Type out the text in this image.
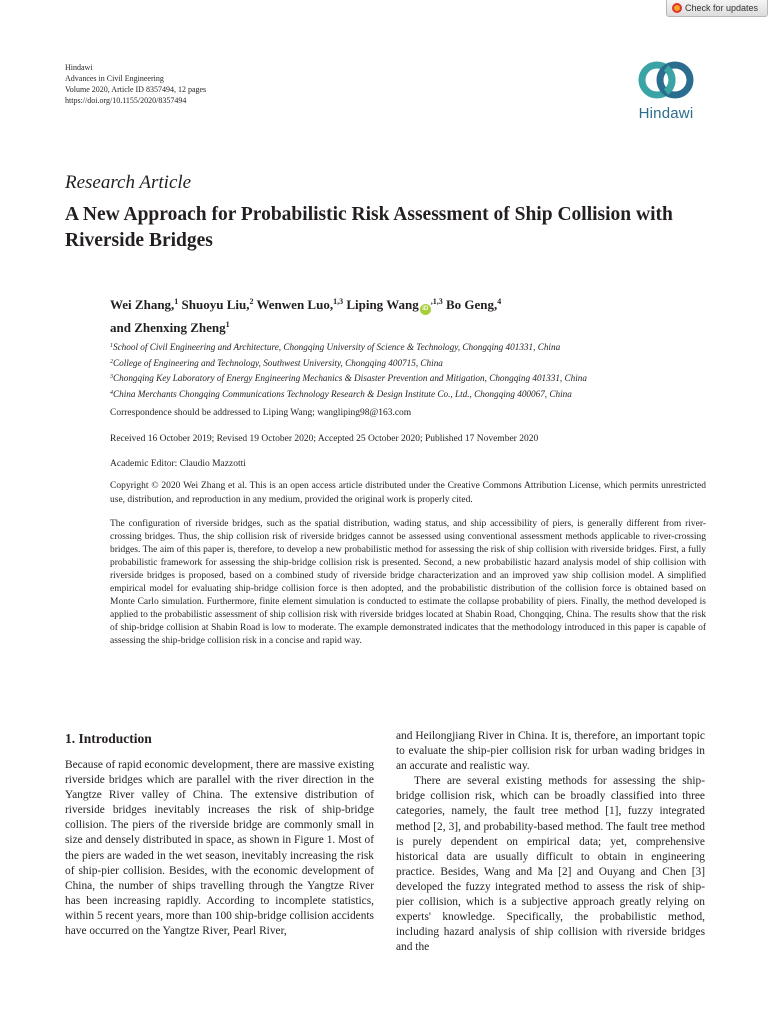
Check for updates
Hindawi
Advances in Civil Engineering
Volume 2020, Article ID 8357494, 12 pages
https://doi.org/10.1155/2020/8357494
Hindawi
Research Article
A New Approach for Probabilistic Risk Assessment of Ship Collision with Riverside Bridges
Wei Zhang,$^1$ Shuoyu Liu,$^2$ Wenwen Luo,$^{1,3}$ Liping Wang $iD^{,1,3}$ Bo Geng,$^4$
and Zhenxing Zheng$^1$
$^1$School of Civil Engineering and Architecture, Chongqing University of Science & Technology, Chongqing 401331, China
$^2$College of Engineering and Technology, Southwest University, Chongqing 400715, China
$^3$Chongqing Key Laboratory of Energy Engineering Mechanics & Disaster Prevention and Mitigation, Chongqing 401331, China
$^4$China Merchants Chongqing Communications Technology Research & Design Institute Co., Ltd., Chongqing 400067, China
Correspondence should be addressed to Liping Wang; wangliping98@163.com
Received 16 October 2019; Revised 19 October 2020; Accepted 25 October 2020; Published 17 November 2020
Academic Editor: Claudio Mazzotti
Copyright © 2020 Wei Zhang et al. This is an open access article distributed under the Creative Commons Attribution License, which permits unrestricted use, distribution, and reproduction in any medium, provided the original work is properly cited.
The configuration of riverside bridges, such as the spatial distribution, wading status, and ship accessibility of piers, is generally different from river-crossing bridges. Thus, the ship collision risk of riverside bridges cannot be assessed using conventional assessment methods applicable to river-crossing bridges. The aim of this paper is, therefore, to develop a new probabilistic method for assessing the risk of ship collision with riverside bridges. First, a fully probabilistic framework for assessing the ship-bridge collision risk is presented. Second, a new probabilistic hazard analysis model of ship collision with riverside bridges is proposed, based on a combined study of riverside bridge characterization and an improved yaw ship collision model. A simplified empirical model for evaluating ship-bridge collision force is then adopted, and the probabilistic distribution of the collision force is obtained based on Monte Carlo simulation. Furthermore, finite element simulation is conducted to estimate the collapse probability of piers. Finally, the method developed is applied to the probabilistic assessment of ship collision risk with riverside bridges located at Shabin Road, Chongqing, China. The results show that the risk of ship-bridge collision at Shabin Road is low to moderate. The example demonstrated indicates that the methodology introduced in this paper is capable of assessing the ship-bridge collision risk in a concise and rapid way.
1. Introduction

Because of rapid economic development, there are massive existing riverside bridges which are parallel with the river direction in the Yangtze River valley of China. The extensive distribution of riverside bridges inevitably increases the risk of ship-bridge collision. The piers of the riverside bridge are commonly small in size and densely distributed in space, as shown in Figure 1. Most of the piers are waded in the wet season, inevitably increasing the risk of ship-pier collision. Besides, with the economic development of China, the number of ships travelling through the Yangtze River has been increasing rapidly. According to incomplete statistics, within 5 recent years, more than 100 ship-bridge collision accidents have occurred on the Yangtze River, Pearl River,

and Heilongjiang River in China. It is, therefore, an important topic to evaluate the ship-pier collision risk for urban wading bridges in an accurate and realistic way.

There are several existing methods for assessing the ship-bridge collision risk, which can be broadly classified into three categories, namely, the fault tree method [1], fuzzy integrated method [2, 3], and probability-based method. The fault tree method is purely dependent on empirical data; yet, comprehensive historical data are usually difficult to obtain in engineering practice. Besides, Wang and Ma [2] and Ouyang and Chen [3] developed the fuzzy integrated method to assess the risk of ship-pier collision, which is a subjective approach greatly relying on experts' knowledge. Specifically, the probabilistic method, including hazard analysis of ship collision with riverside bridges and the
